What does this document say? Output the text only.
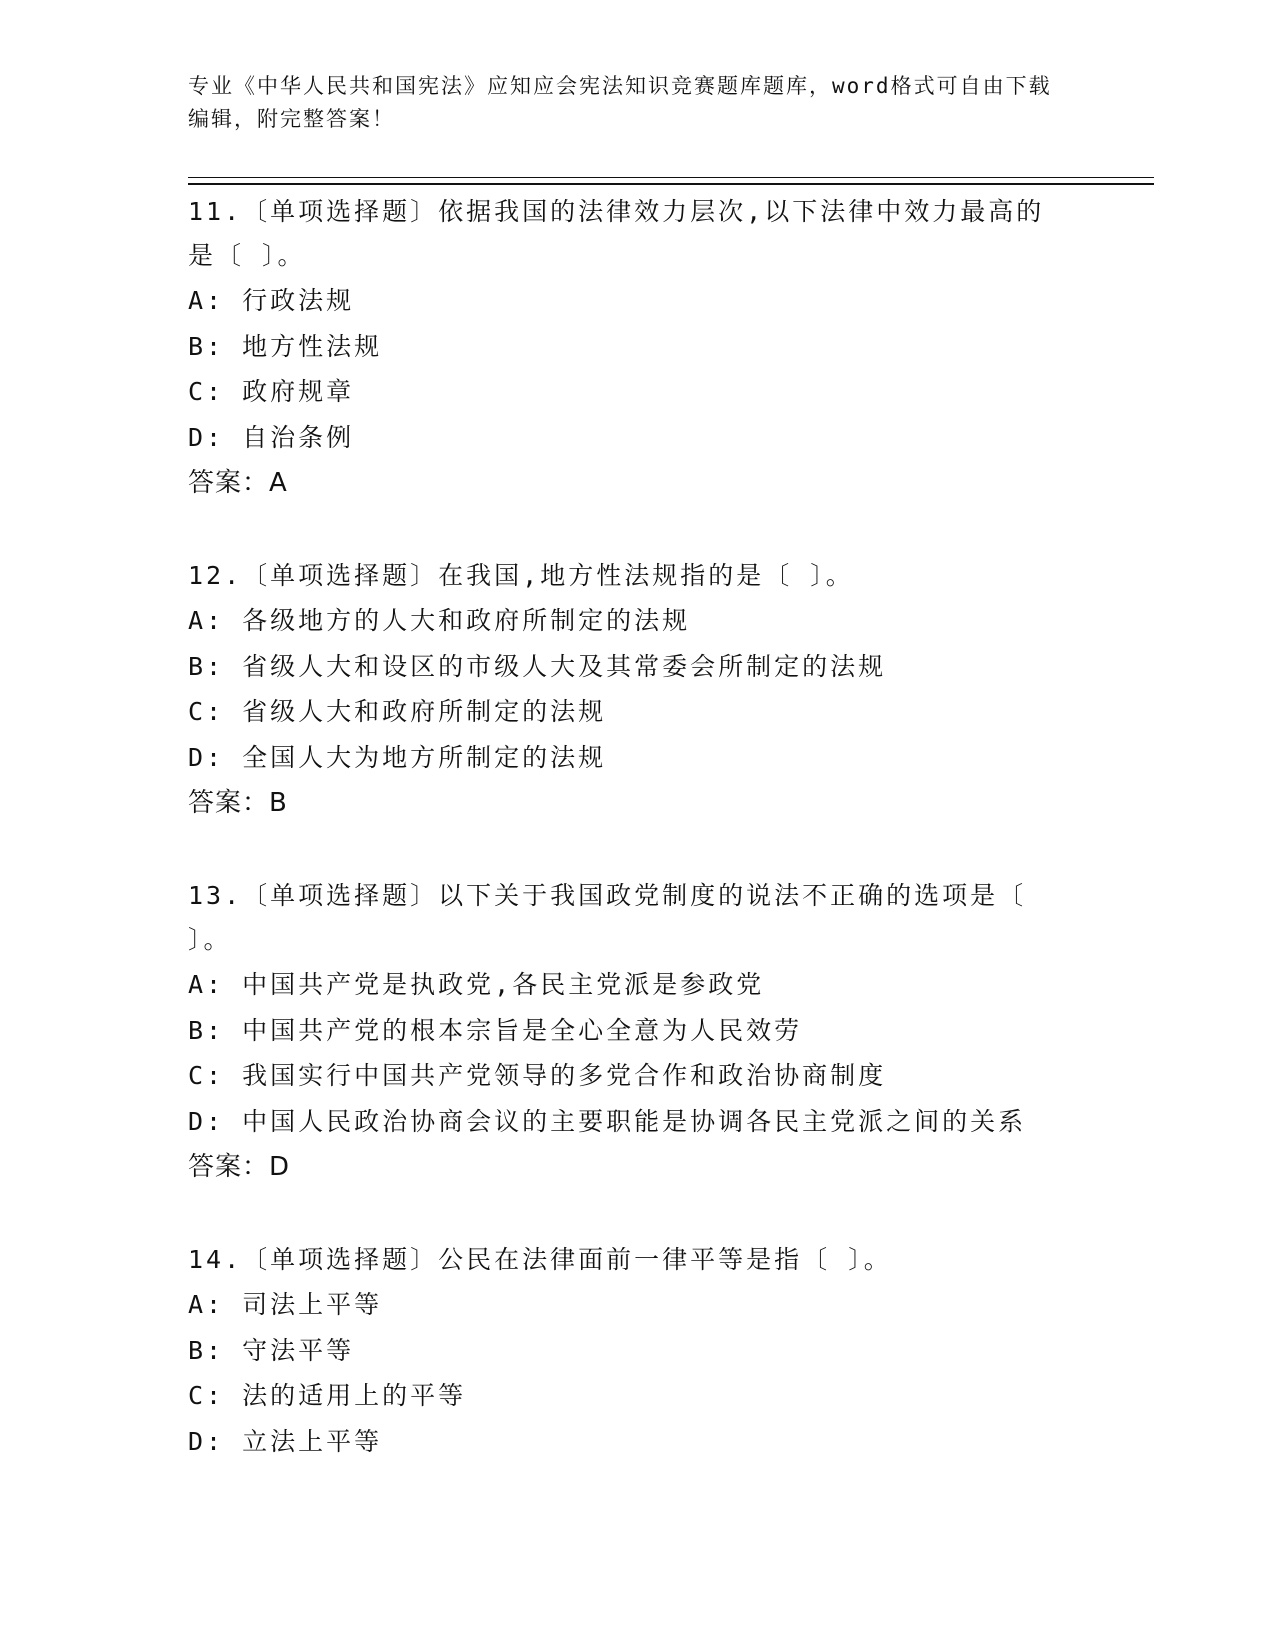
专业《中华人民共和国宪法》应知应会宪法知识竞赛题库题库，word格式可自由下载编辑，附完整答案！
11.〔单项选择题〕依据我国的法律效力层次,以下法律中效力最高的是〔 〕。
A: 行政法规
B: 地方性法规
C: 政府规章
D: 自治条例
答案：A
12.〔单项选择题〕在我国,地方性法规指的是〔 〕。
A: 各级地方的人大和政府所制定的法规
B: 省级人大和设区的市级人大及其常委会所制定的法规
C: 省级人大和政府所制定的法规
D: 全国人大为地方所制定的法规
答案：B
13.〔单项选择题〕以下关于我国政党制度的说法不正确的选项是〔 〕。
A: 中国共产党是执政党,各民主党派是参政党
B: 中国共产党的根本宗旨是全心全意为人民效劳
C: 我国实行中国共产党领导的多党合作和政治协商制度
D: 中国人民政治协商会议的主要职能是协调各民主党派之间的关系
答案：D
14.〔单项选择题〕公民在法律面前一律平等是指〔 〕。
A: 司法上平等
B: 守法平等
C: 法的适用上的平等
D: 立法上平等
